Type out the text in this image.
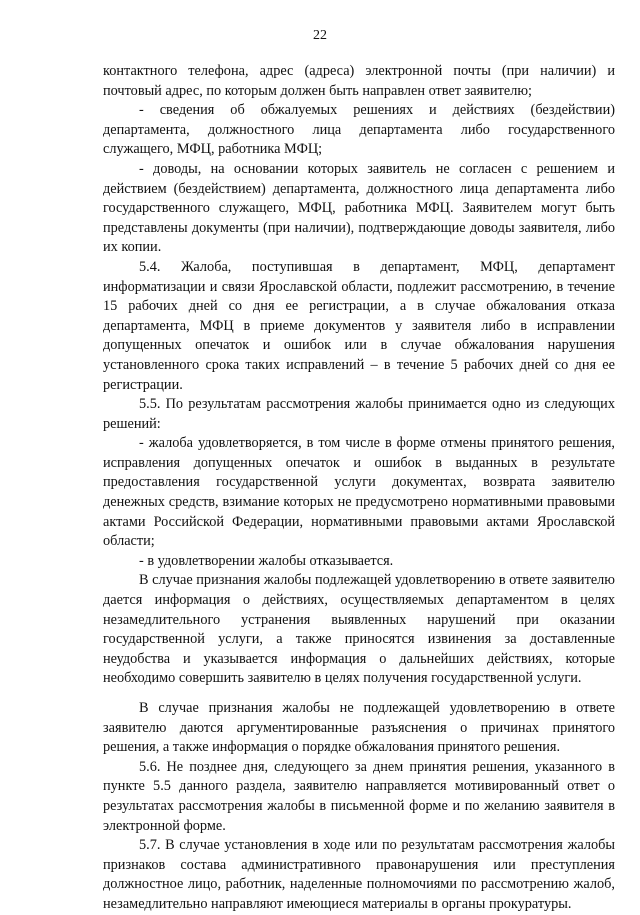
22

контактного телефона, адрес (адреса) электронной почты (при наличии) и почтовый адрес, по которым должен быть направлен ответ заявителю;

- сведения об обжалуемых решениях и действиях (бездействии) департамента, должностного лица департамента либо государственного служащего, МФЦ, работника МФЦ;

- доводы, на основании которых заявитель не согласен с решением и действием (бездействием) департамента, должностного лица департамента либо государственного служащего, МФЦ, работника МФЦ. Заявителем могут быть представлены документы (при наличии), подтверждающие доводы заявителя, либо их копии.

5.4. Жалоба, поступившая в департамент, МФЦ, департамент информатизации и связи Ярославской области, подлежит рассмотрению, в течение 15 рабочих дней со дня ее регистрации, а в случае обжалования отказа департамента, МФЦ в приеме документов у заявителя либо в исправлении допущенных опечаток и ошибок или в случае обжалования нарушения установленного срока таких исправлений – в течение 5 рабочих дней со дня ее регистрации.

5.5. По результатам рассмотрения жалобы принимается одно из следующих решений:

- жалоба удовлетворяется, в том числе в форме отмены принятого решения, исправления допущенных опечаток и ошибок в выданных в результате предоставления государственной услуги документах, возврата заявителю денежных средств, взимание которых не предусмотрено нормативными правовыми актами Российской Федерации, нормативными правовыми актами Ярославской области;

- в удовлетворении жалобы отказывается.

В случае признания жалобы подлежащей удовлетворению в ответе заявителю дается информация о действиях, осуществляемых департаментом в целях незамедлительного устранения выявленных нарушений при оказании государственной услуги, а также приносятся извинения за доставленные неудобства и указывается информация о дальнейших действиях, которые необходимо совершить заявителю в целях получения государственной услуги.

В случае признания жалобы не подлежащей удовлетворению в ответе заявителю даются аргументированные разъяснения о причинах принятого решения, а также информация о порядке обжалования принятого решения.

5.6. Не позднее дня, следующего за днем принятия решения, указанного в пункте 5.5 данного раздела, заявителю направляется мотивированный ответ о результатах рассмотрения жалобы в письменной форме и по желанию заявителя в электронной форме.

5.7. В случае установления в ходе или по результатам рассмотрения жалобы признаков состава административного правонарушения или преступления должностное лицо, работник, наделенные полномочиями по рассмотрению жалоб, незамедлительно направляют имеющиеся материалы в органы прокуратуры.
